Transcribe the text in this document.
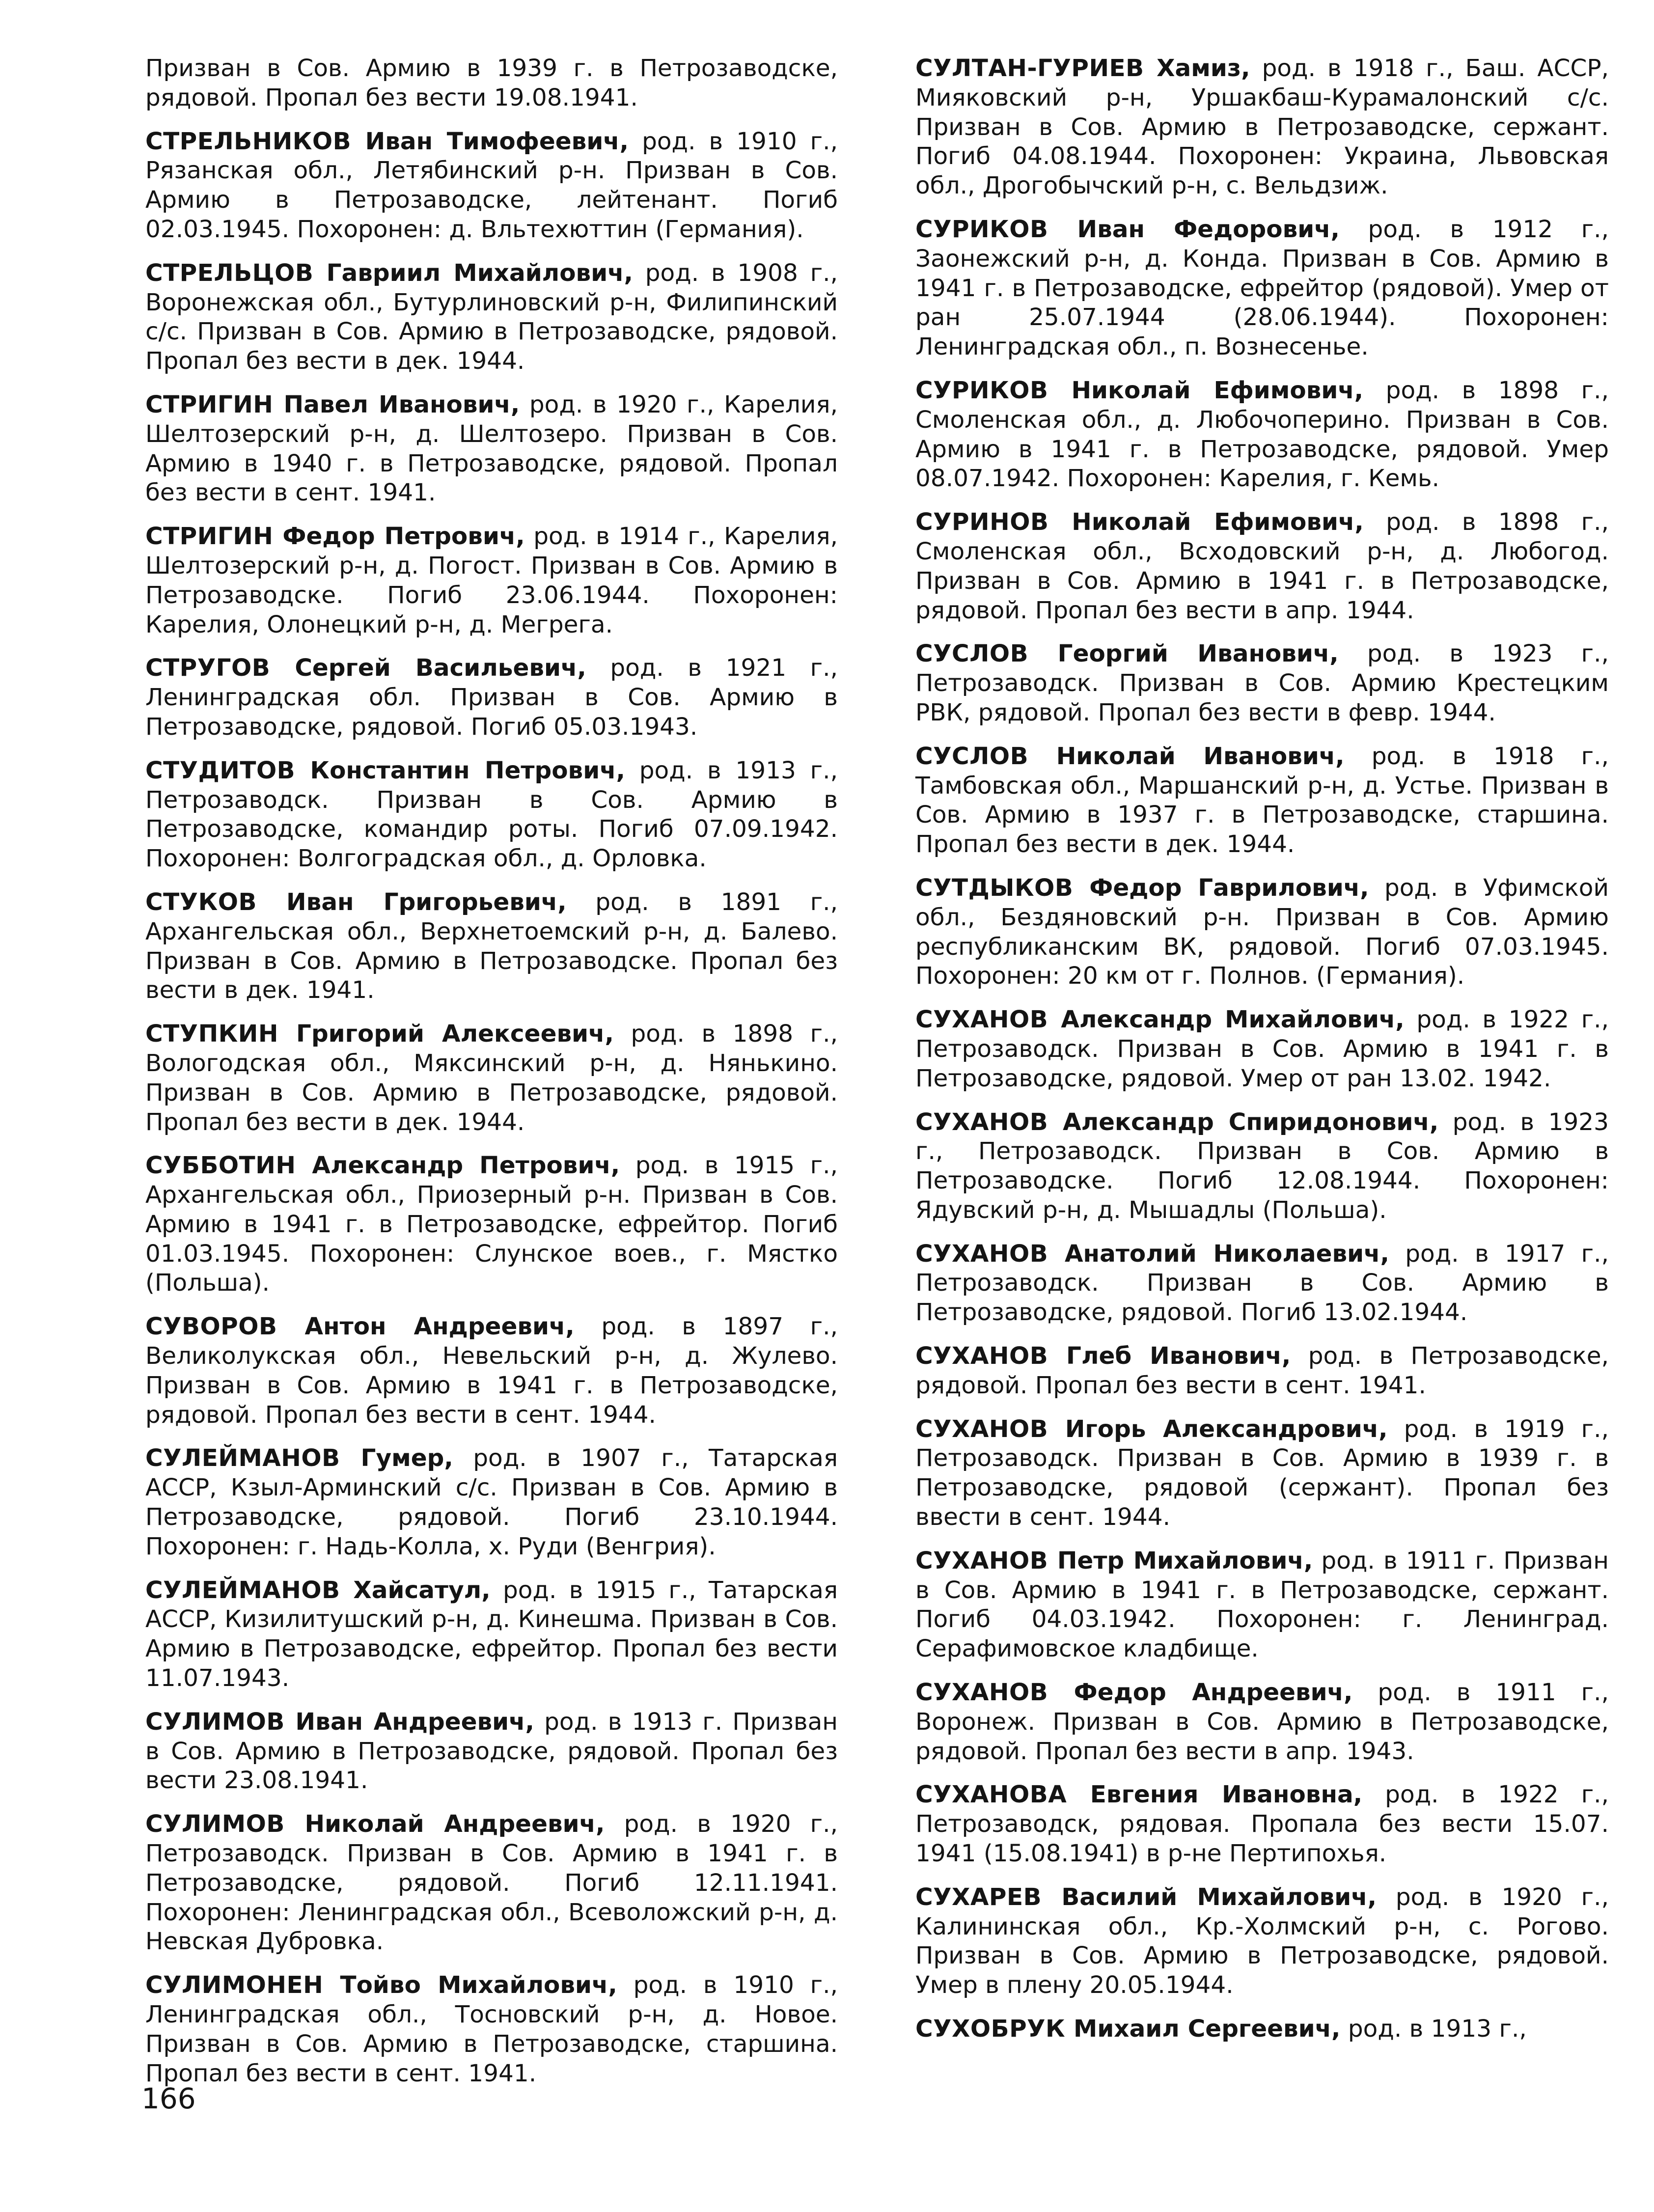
Призван в Сов. Армию в 1939 г. в Петрозаводске, рядовой. Пропал без вести 19.08.1941.

СТРЕЛЬНИКОВ Иван Тимофеевич, род. в 1910 г., Рязанская обл., Летябинский р-н. Призван в Сов. Армию в Петрозаводске, лейтенант. Погиб 02.03.1945. Похоронен: д. Вльтехюттин (Германия).

СТРЕЛЬЦОВ Гавриил Михайлович, род. в 1908 г., Воронежская обл., Бутурлиновский р-н, Филипинский с/с. Призван в Сов. Армию в Петрозаводске, рядовой. Пропал без вести в дек. 1944.

СТРИГИН Павел Иванович, род. в 1920 г., Карелия, Шелтозерский р-н, д. Шелтозеро. Призван в Сов. Армию в 1940 г. в Петрозаводске, рядовой. Пропал без вести в сент. 1941.

СТРИГИН Федор Петрович, род. в 1914 г., Карелия, Шелтозерский р-н, д. Погост. Призван в Сов. Армию в Петрозаводске. Погиб 23.06.1944. Похоронен: Карелия, Олонецкий р-н, д. Мегрега.

СТРУГОВ Сергей Васильевич, род. в 1921 г., Ленинградская обл. Призван в Сов. Армию в Петрозаводске, рядовой. Погиб 05.03.1943.

СТУДИТОВ Константин Петрович, род. в 1913 г., Петрозаводск. Призван в Сов. Армию в Петрозаводске, командир роты. Погиб 07.09.1942. Похоронен: Волгоградская обл., д. Орловка.

СТУКОВ Иван Григорьевич, род. в 1891 г., Архангельская обл., Верхнетоемский р-н, д. Балево. Призван в Сов. Армию в Петрозаводске. Пропал без вести в дек. 1941.

СТУПКИН Григорий Алексеевич, род. в 1898 г., Вологодская обл., Мяксинский р-н, д. Нянькино. Призван в Сов. Армию в Петрозаводске, рядовой. Пропал без вести в дек. 1944.

СУББОТИН Александр Петрович, род. в 1915 г., Архангельская обл., Приозерный р-н. Призван в Сов. Армию в 1941 г. в Петрозаводске, ефрейтор. Погиб 01.03.1945. Похоронен: Слунское воев., г. Мястко (Польша).

СУВОРОВ Антон Андреевич, род. в 1897 г., Великолукская обл., Невельский р-н, д. Жулево. Призван в Сов. Армию в 1941 г. в Петрозаводске, рядовой. Пропал без вести в сент. 1944.

СУЛЕЙМАНОВ Гумер, род. в 1907 г., Татарская АССР, Кзыл-Арминский с/с. Призван в Сов. Армию в Петрозаводске, рядовой. Погиб 23.10.1944. Похоронен: г. Надь-Колла, х. Руди (Венгрия).

СУЛЕЙМАНОВ Хайсатул, род. в 1915 г., Татарская АССР, Кизилитушский р-н, д. Кинешма. Призван в Сов. Армию в Петрозаводске, ефрейтор. Пропал без вести 11.07.1943.

СУЛИМОВ Иван Андреевич, род. в 1913 г. Призван в Сов. Армию в Петрозаводске, рядовой. Пропал без вести 23.08.1941.

СУЛИМОВ Николай Андреевич, род. в 1920 г., Петрозаводск. Призван в Сов. Армию в 1941 г. в Петрозаводске, рядовой. Погиб 12.11.1941. Похоронен: Ленинградская обл., Всеволожский р-н, д. Невская Дубровка.

СУЛИМОНЕН Тойво Михайлович, род. в 1910 г., Ленинградская обл., Тосновский р-н, д. Новое. Призван в Сов. Армию в Петрозаводске, старшина. Пропал без вести в сент. 1941.

СУЛТАН-ГУРИЕВ Хамиз, род. в 1918 г., Баш. АССР, Мияковский р-н, Уршакбаш-Курамалонский с/с. Призван в Сов. Армию в Петрозаводске, сержант. Погиб 04.08.1944. Похоронен: Украина, Львовская обл., Дрогобычский р-н, с. Вельдзиж.

СУРИКОВ Иван Федорович, род. в 1912 г., Заонежский р-н, д. Конда. Призван в Сов. Армию в 1941 г. в Петрозаводске, ефрейтор (рядовой). Умер от ран 25.07.1944 (28.06.1944). Похоронен: Ленинградская обл., п. Вознесенье.

СУРИКОВ Николай Ефимович, род. в 1898 г., Смоленская обл., д. Любочоперино. Призван в Сов. Армию в 1941 г. в Петрозаводске, рядовой. Умер 08.07.1942. Похоронен: Карелия, г. Кемь.

СУРИНОВ Николай Ефимович, род. в 1898 г., Смоленская обл., Всходовский р-н, д. Любогод. Призван в Сов. Армию в 1941 г. в Петрозаводске, рядовой. Пропал без вести в апр. 1944.

СУСЛОВ Георгий Иванович, род. в 1923 г., Петрозаводск. Призван в Сов. Армию Крестецким РВК, рядовой. Пропал без вести в февр. 1944.

СУСЛОВ Николай Иванович, род. в 1918 г., Тамбовская обл., Маршанский р-н, д. Устье. Призван в Сов. Армию в 1937 г. в Петрозаводске, старшина. Пропал без вести в дек. 1944.

СУТДЫКОВ Федор Гаврилович, род. в Уфимской обл., Бездяновский р-н. Призван в Сов. Армию республиканским ВК, рядовой. Погиб 07.03.1945. Похоронен: 20 км от г. Полнов. (Германия).

СУХАНОВ Александр Михайлович, род. в 1922 г., Петрозаводск. Призван в Сов. Армию в 1941 г. в Петрозаводске, рядовой. Умер от ран 13.02. 1942.

СУХАНОВ Александр Спиридонович, род. в 1923 г., Петрозаводск. Призван в Сов. Армию в Петрозаводске. Погиб 12.08.1944. Похоронен: Ядувский р-н, д. Мышадлы (Польша).

СУХАНОВ Анатолий Николаевич, род. в 1917 г., Петрозаводск. Призван в Сов. Армию в Петрозаводске, рядовой. Погиб 13.02.1944.

СУХАНОВ Глеб Иванович, род. в Петрозаводске, рядовой. Пропал без вести в сент. 1941.

СУХАНОВ Игорь Александрович, род. в 1919 г., Петрозаводск. Призван в Сов. Армию в 1939 г. в Петрозаводске, рядовой (сержант). Пропал без ввести в сент. 1944.

СУХАНОВ Петр Михайлович, род. в 1911 г. Призван в Сов. Армию в 1941 г. в Петрозаводске, сержант. Погиб 04.03.1942. Похоронен: г. Ленинград. Серафимовское кладбище.

СУХАНОВ Федор Андреевич, род. в 1911 г., Воронеж. Призван в Сов. Армию в Петрозаводске, рядовой. Пропал без вести в апр. 1943.

СУХАНОВА Евгения Ивановна, род. в 1922 г., Петрозаводск, рядовая. Пропала без вести 15.07. 1941 (15.08.1941) в р-не Пертипохья.

СУХАРЕВ Василий Михайлович, род. в 1920 г., Калининская обл., Кр.-Холмский р-н, с. Рогово. Призван в Сов. Армию в Петрозаводске, рядовой. Умер в плену 20.05.1944.

СУХОБРУК Михаил Сергеевич, род. в 1913 г.,

166
